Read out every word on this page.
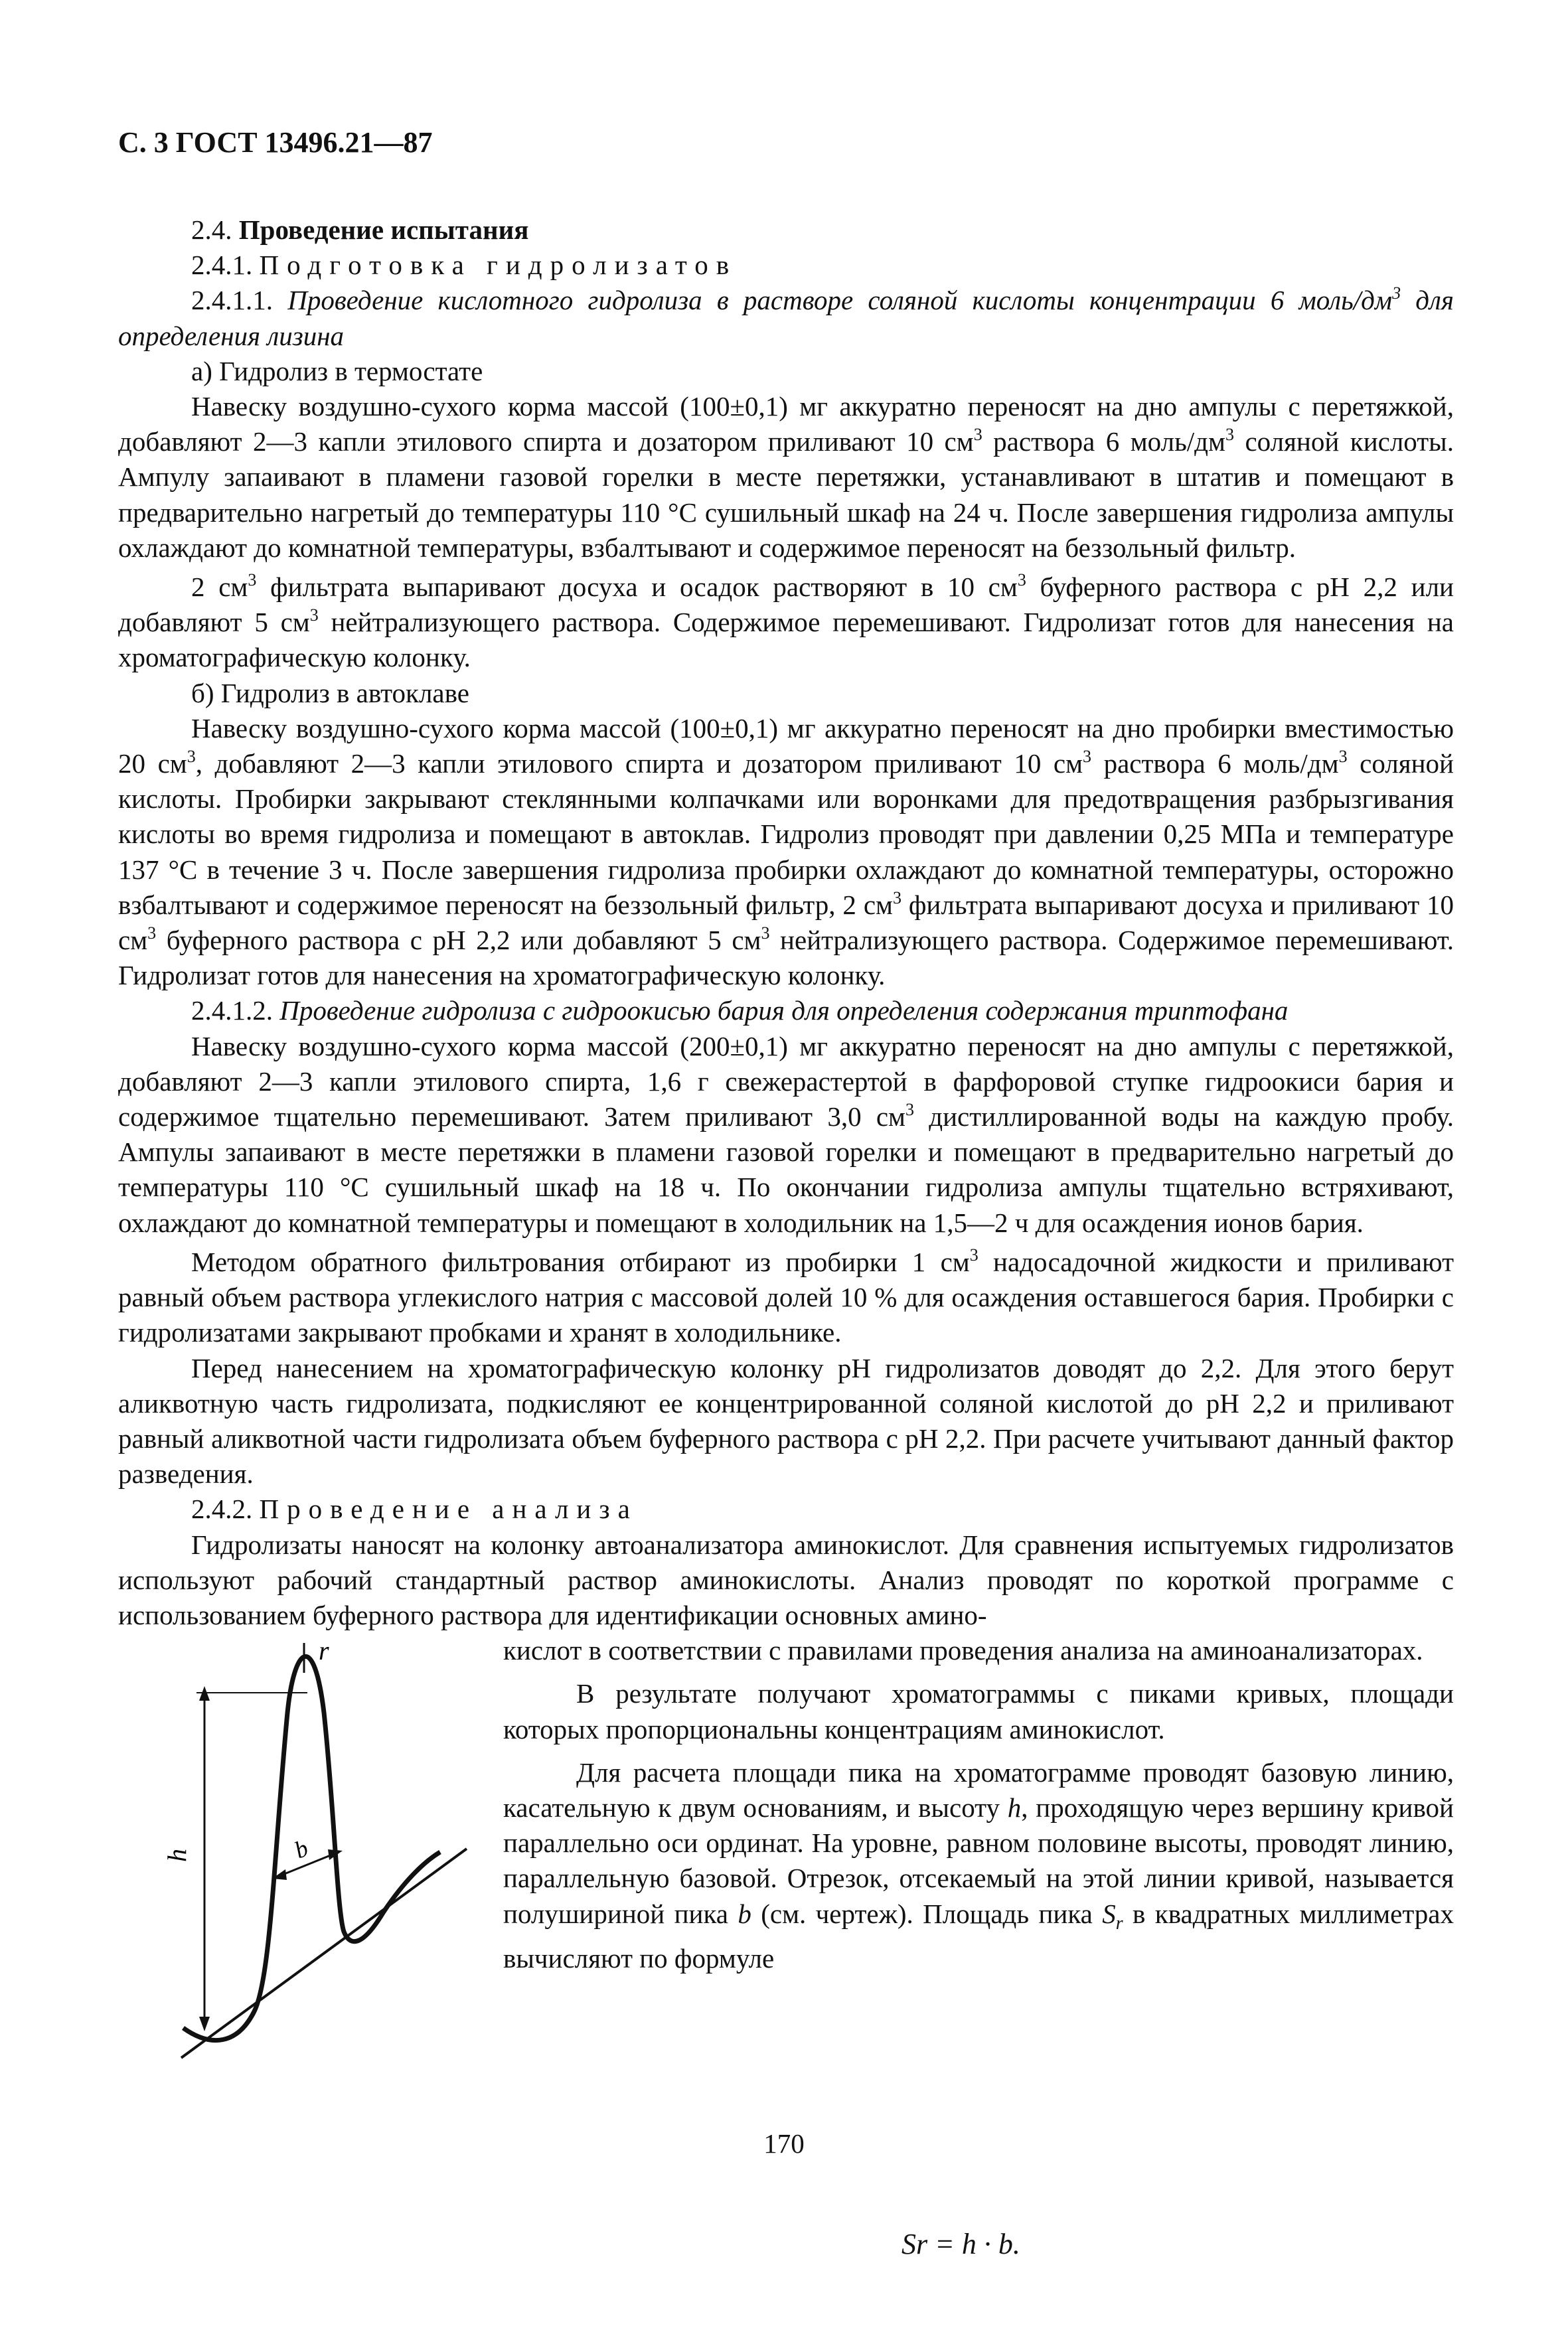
С. 3 ГОСТ 13496.21—87

2.4. Проведение испытания

2.4.1. Подготовка гидролизатов

2.4.1.1. Проведение кислотного гидролиза в растворе соляной кислоты концентрации 6 моль/$дм^3$ для определения лизина

а) Гидролиз в термостате

Навеску воздушно-сухого корма массой (100±0,1) мг аккуратно переносят на дно ампулы с перетяжкой, добавляют 2—3 капли этилового спирта и дозатором приливают 10 $см^3$ раствора 6 моль/$дм^3$ соляной кислоты. Ампулу запаивают в пламени газовой горелки в месте перетяжки, устанавливают в штатив и помещают в предварительно нагретый до температуры 110 °С сушильный шкаф на 24 ч. После завершения гидролиза ампулы охлаждают до комнатной температуры, взбалтывают и содержимое переносят на беззольный фильтр.

2 $см^3$ фильтрата выпаривают досуха и осадок растворяют в 10 $см^3$ буферного раствора с рН 2,2 или добавляют 5 $см^3$ нейтрализующего раствора. Содержимое перемешивают. Гидролизат готов для нанесения на хроматографическую колонку.

б) Гидролиз в автоклаве

Навеску воздушно-сухого корма массой (100±0,1) мг аккуратно переносят на дно пробирки вместимостью 20 $см^3$, добавляют 2—3 капли этилового спирта и дозатором приливают 10 $см^3$ раствора 6 моль/$дм^3$ соляной кислоты. Пробирки закрывают стеклянными колпачками или воронками для предотвращения разбрызгивания кислоты во время гидролиза и помещают в автоклав. Гидролиз проводят при давлении 0,25 МПа и температуре 137 °С в течение 3 ч. После завершения гидролиза пробирки охлаждают до комнатной температуры, осторожно взбалтывают и содержимое переносят на беззольный фильтр, 2 $см^3$ фильтрата выпаривают досуха и приливают 10 $см^3$ буферного раствора с рН 2,2 или добавляют 5 $см^3$ нейтрализующего раствора. Содержимое перемешивают. Гидролизат готов для нанесения на хроматографическую колонку.

2.4.1.2. Проведение гидролиза с гидроокисью бария для определения содержания триптофана

Навеску воздушно-сухого корма массой (200±0,1) мг аккуратно переносят на дно ампулы с перетяжкой, добавляют 2—3 капли этилового спирта, 1,6 г свежерастертой в фарфоровой ступке гидроокиси бария и содержимое тщательно перемешивают. Затем приливают 3,0 $см^3$ дистиллированной воды на каждую пробу. Ампулы запаивают в месте перетяжки в пламени газовой горелки и помещают в предварительно нагретый до температуры 110 °С сушильный шкаф на 18 ч. По окончании гидролиза ампулы тщательно встряхивают, охлаждают до комнатной температуры и помещают в холодильник на 1,5—2 ч для осаждения ионов бария.

Методом обратного фильтрования отбирают из пробирки 1 $см^3$ надосадочной жидкости и приливают равный объем раствора углекислого натрия с массовой долей 10 % для осаждения оставшегося бария. Пробирки с гидролизатами закрывают пробками и хранят в холодильнике.

Перед нанесением на хроматографическую колонку рН гидролизатов доводят до 2,2. Для этого берут аликвотную часть гидролизата, подкисляют ее концентрированной соляной кислотой до рН 2,2 и приливают равный аликвотной части гидролизата объем буферного раствора с рН 2,2. При расчете учитывают данный фактор разведения.

2.4.2. Проведение анализа

Гидролизаты наносят на колонку автоанализатора аминокислот. Для сравнения испытуемых гидролизатов используют рабочий стандартный раствор аминокислоты. Анализ проводят по короткой программе с использованием буферного раствора для идентификации основных амино-

h	b
r	кислот в соответствии с правилами проведения анализа на аминоанализаторах.

В результате получают хроматограммы с пиками кривых, площади которых пропорциональны концентрациям аминокислот.

Для расчета площади пика на хроматограмме проводят базовую линию, касательную к двум основаниям, и высоту h, проходящую через вершину кривой параллельно оси ординат. На уровне, равном половине высоты, проводят линию, параллельную базовой. Отрезок, отсекаемый на этой линии кривой, называется полушириной пика b (см. чертеж). Площадь пика $S_r$ в квадратных миллиметрах вычисляют по формуле

Sr = h · b.
170
